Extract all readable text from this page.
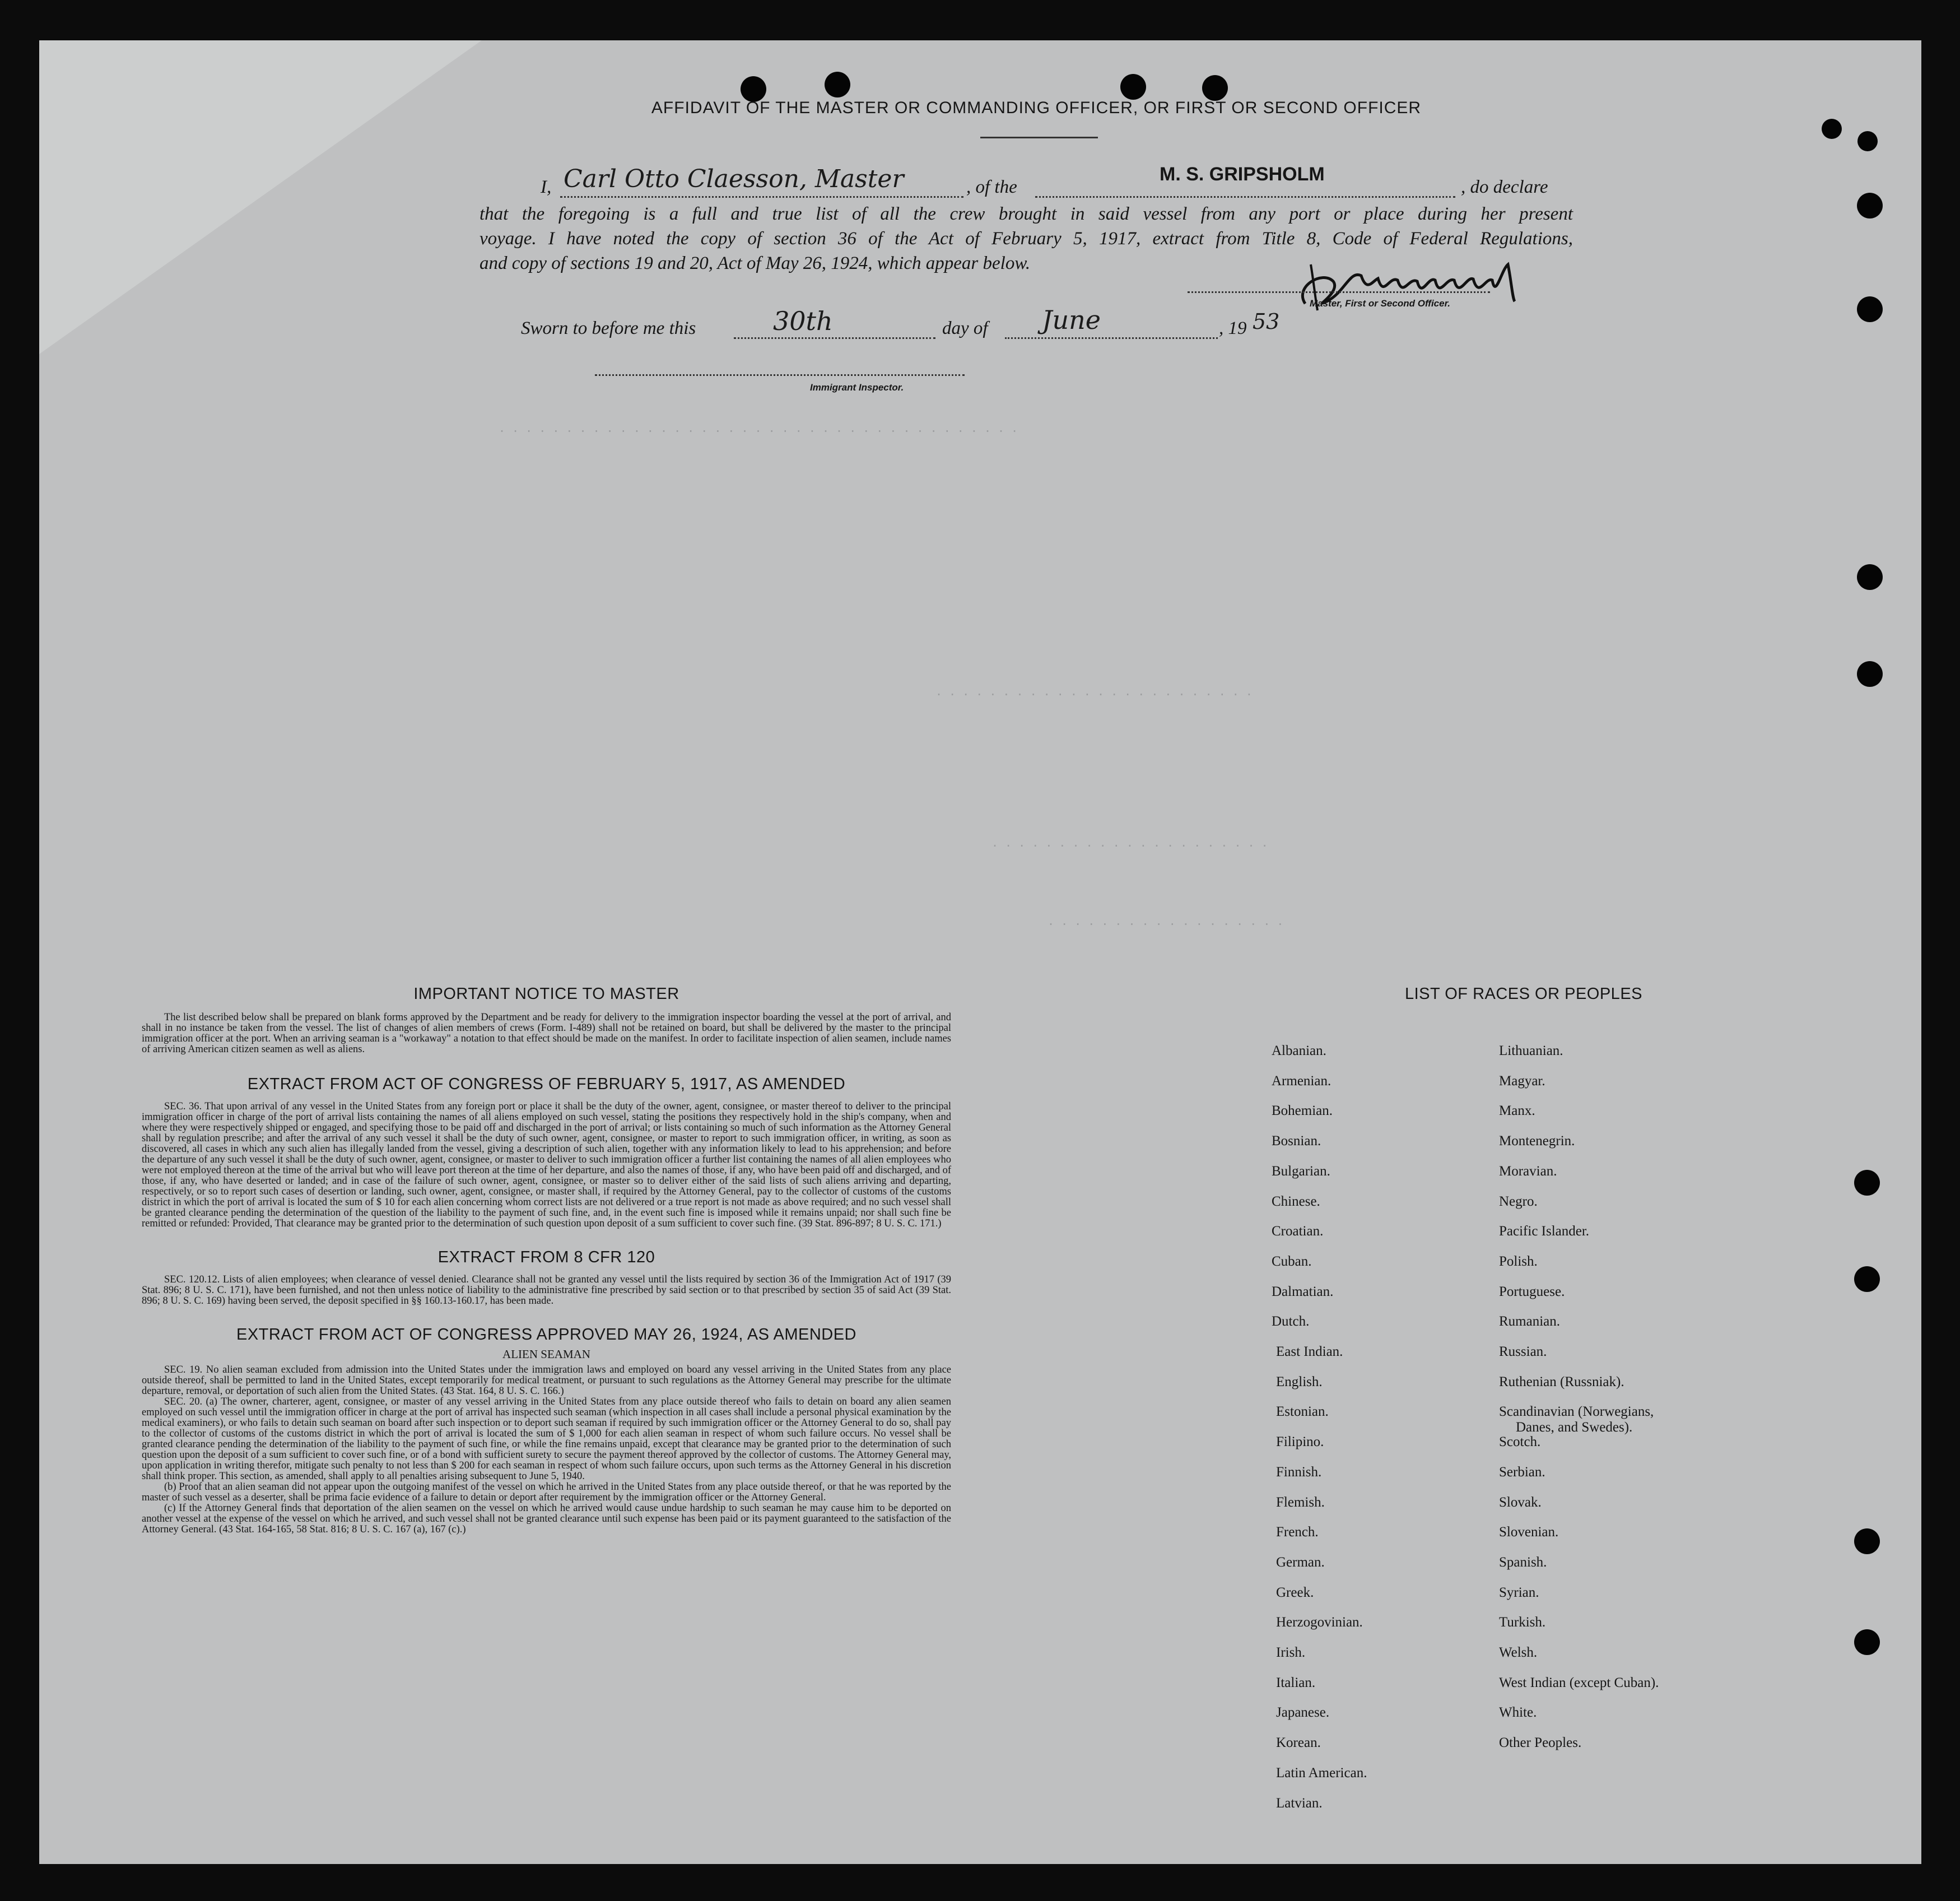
. . . . . . . . . . . . . . . . . . . . . . . . . . . . . . . . . . . . . . .
. . . . . . . . . . . . . . . . . . . . . . . .
. . . . . . . . . . . . . . . . . . . . .
. . . . . . . . . . . . . . . . . .
AFFIDAVIT OF THE MASTER OR COMMANDING OFFICER, OR FIRST OR SECOND OFFICER
I, Carl Otto Claesson, Master	, of the
M. S. GRIPSHOLM
, do declare
that the foregoing is a full and true list of all the crew brought in said vessel from any port or place during her present
voyage. I have noted the copy of section 36 of the Act of February 5, 1917, extract from Title 8, Code of Federal Regulations,
and copy of sections 19 and 20, Act of May 26, 1924, which appear below.
Master, First or Second Officer.
Sworn to before me this	30th	day of June	, 19 53
Immigrant Inspector.
IMPORTANT NOTICE TO MASTER

The list described below shall be prepared on blank forms approved by the Department and be ready for delivery to the immigration inspector boarding the vessel at the port of arrival, and shall in no instance be taken from the vessel. The list of changes of alien members of crews (Form. I-489) shall not be retained on board, but shall be delivered by the master to the principal immigration officer at the port. When an arriving seaman is a "workaway" a notation to that effect should be made on the manifest. In order to facilitate inspection of alien seamen, include names of arriving American citizen seamen as well as aliens.

EXTRACT FROM ACT OF CONGRESS OF FEBRUARY 5, 1917, AS AMENDED

SEC. 36. That upon arrival of any vessel in the United States from any foreign port or place it shall be the duty of the owner, agent, consignee, or master thereof to deliver to the principal immigration officer in charge of the port of arrival lists containing the names of all aliens employed on such vessel, stating the positions they respectively hold in the ship's company, when and where they were respectively shipped or engaged, and specifying those to be paid off and discharged in the port of arrival; or lists containing so much of such information as the Attorney General shall by regulation prescribe; and after the arrival of any such vessel it shall be the duty of such owner, agent, consignee, or master to report to such immigration officer, in writing, as soon as discovered, all cases in which any such alien has illegally landed from the vessel, giving a description of such alien, together with any information likely to lead to his apprehension; and before the departure of any such vessel it shall be the duty of such owner, agent, consignee, or master to deliver to such immigration officer a further list containing the names of all alien employees who were not employed thereon at the time of the arrival but who will leave port thereon at the time of her departure, and also the names of those, if any, who have been paid off and discharged, and of those, if any, who have deserted or landed; and in case of the failure of such owner, agent, consignee, or master so to deliver either of the said lists of such aliens arriving and departing, respectively, or so to report such cases of desertion or landing, such owner, agent, consignee, or master shall, if required by the Attorney General, pay to the collector of customs of the customs district in which the port of arrival is located the sum of $ 10 for each alien concerning whom correct lists are not delivered or a true report is not made as above required; and no such vessel shall be granted clearance pending the determination of the question of the liability to the payment of such fine, and, in the event such fine is imposed while it remains unpaid; nor shall such fine be remitted or refunded: Provided, That clearance may be granted prior to the determination of such question upon deposit of a sum sufficient to cover such fine. (39 Stat. 896-897; 8 U. S. C. 171.)

EXTRACT FROM 8 CFR 120

SEC. 120.12. Lists of alien employees; when clearance of vessel denied. Clearance shall not be granted any vessel until the lists required by section 36 of the Immigration Act of 1917 (39 Stat. 896; 8 U. S. C. 171), have been furnished, and not then unless notice of liability to the administrative fine prescribed by said section or to that prescribed by section 35 of said Act (39 Stat. 896; 8 U. S. C. 169) having been served, the deposit specified in §§ 160.13-160.17, has been made.

EXTRACT FROM ACT OF CONGRESS APPROVED MAY 26, 1924, AS AMENDED
ALIEN SEAMAN

SEC. 19. No alien seaman excluded from admission into the United States under the immigration laws and employed on board any vessel arriving in the United States from any place outside thereof, shall be permitted to land in the United States, except temporarily for medical treatment, or pursuant to such regulations as the Attorney General may prescribe for the ultimate departure, removal, or deportation of such alien from the United States. (43 Stat. 164, 8 U. S. C. 166.)

SEC. 20. (a) The owner, charterer, agent, consignee, or master of any vessel arriving in the United States from any place outside thereof who fails to detain on board any alien seamen employed on such vessel until the immigration officer in charge at the port of arrival has inspected such seaman (which inspection in all cases shall include a personal physical examination by the medical examiners), or who fails to detain such seaman on board after such inspection or to deport such seaman if required by such immigration officer or the Attorney General to do so, shall pay to the collector of customs of the customs district in which the port of arrival is located the sum of $ 1,000 for each alien seaman in respect of whom such failure occurs. No vessel shall be granted clearance pending the determination of the liability to the payment of such fine, or while the fine remains unpaid, except that clearance may be granted prior to the determination of such question upon the deposit of a sum sufficient to cover such fine, or of a bond with sufficient surety to secure the payment thereof approved by the collector of customs. The Attorney General may, upon application in writing therefor, mitigate such penalty to not less than $ 200 for each seaman in respect of whom such failure occurs, upon such terms as the Attorney General in his discretion shall think proper. This section, as amended, shall apply to all penalties arising subsequent to June 5, 1940.

(b) Proof that an alien seaman did not appear upon the outgoing manifest of the vessel on which he arrived in the United States from any place outside thereof, or that he was reported by the master of such vessel as a deserter, shall be prima facie evidence of a failure to detain or deport after requirement by the immigration officer or the Attorney General.

(c) If the Attorney General finds that deportation of the alien seamen on the vessel on which he arrived would cause undue hardship to such seaman he may cause him to be deported on another vessel at the expense of the vessel on which he arrived, and such vessel shall not be granted clearance until such expense has been paid or its payment guaranteed to the satisfaction of the Attorney General. (43 Stat. 164-165, 58 Stat. 816; 8 U. S. C. 167 (a), 167 (c).)

LIST OF RACES OR PEOPLES
Albanian.
Armenian.
Bohemian.
Bosnian.
Bulgarian.
Chinese.
Croatian.
Cuban.
Dalmatian.
Dutch.
East Indian.
English.
Estonian.
Filipino.
Finnish.
Flemish.
French.
German.
Greek.
Herzogovinian.
Irish.
Italian.
Japanese.
Korean.
Latin American.
Latvian.
Lithuanian.
Magyar.
Manx.
Montenegrin.
Moravian.
Negro.
Pacific Islander.
Polish.
Portuguese.
Rumanian.
Russian.
Ruthenian (Russniak).
Scandinavian (Norwegians,
Danes, and Swedes).
Scotch.
Serbian.
Slovak.
Slovenian.
Spanish.
Syrian.
Turkish.
Welsh.
West Indian (except Cuban).
White.
Other Peoples.
